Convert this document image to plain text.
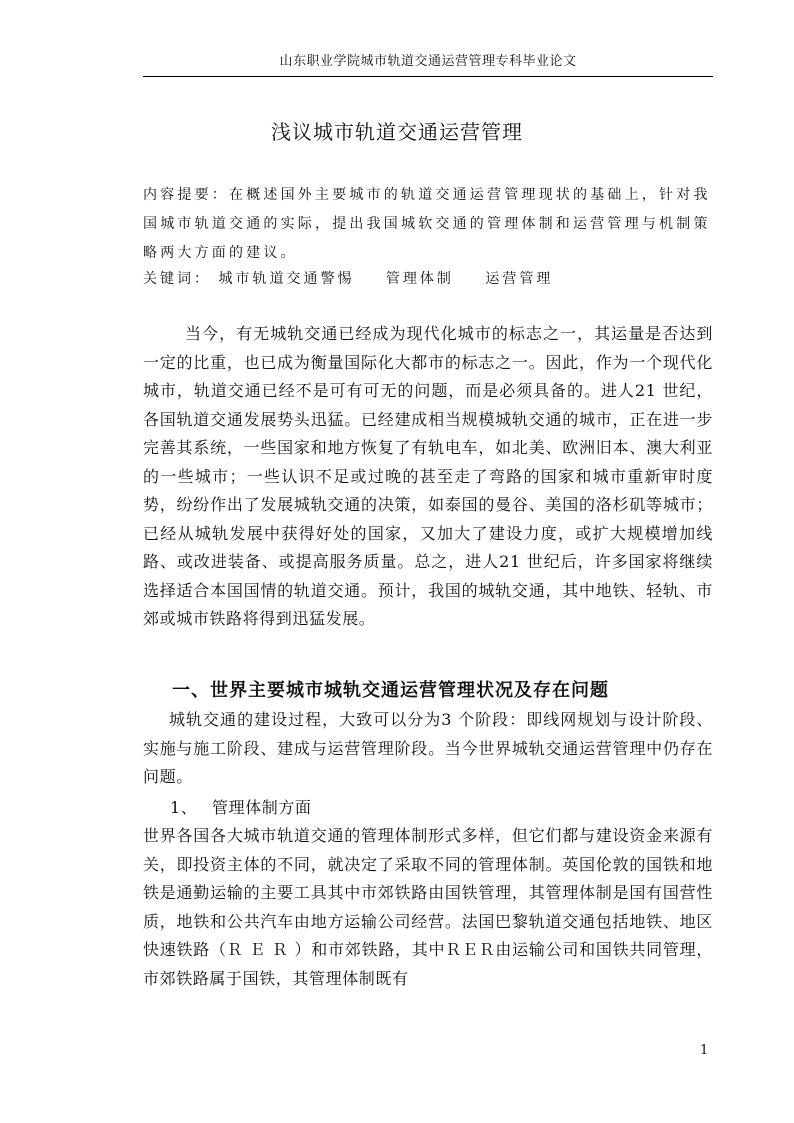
山东职业学院城市轨道交通运营管理专科毕业论文
浅议城市轨道交通运营管理
内容提要：在概述国外主要城市的轨道交通运营管理现状的基础上，针对我国城市轨道交通的实际，提出我国城软交通的管理体制和运营管理与机制策略两大方面的建议。
关键词： 城市轨道交通警惕 管理体制 运营管理

当今，有无城轨交通已经成为现代化城市的标志之一，其运量是否达到一定的比重，也已成为衡量国际化大都市的标志之一。因此，作为一个现代化城市，轨道交通已经不是可有可无的问题，而是必须具备的。进人21 世纪，各国轨道交通发展势头迅猛。已经建成相当规模城轨交通的城市，正在进一步完善其系统，一些国家和地方恢复了有轨电车，如北美、欧洲旧本、澳大利亚的一些城市；一些认识不足或过晚的甚至走了弯路的国家和城市重新审时度势，纷纷作出了发展城轨交通的决策，如泰国的曼谷、美国的洛杉矶等城市；已经从城轨发展中获得好处的国家，又加大了建设力度，或扩大规模增加线路、或改进装备、或提高服务质量。总之，进人21 世纪后，许多国家将继续选择适合本国国情的轨道交通。预计，我国的城轨交通，其中地铁、轻轨、市郊或城市铁路将得到迅猛发展。

一、世界主要城市城轨交通运营管理状况及存在问题

城轨交通的建设过程，大致可以分为3 个阶段：即线网规划与设计阶段、实施与施工阶段、建成与运营管理阶段。当今世界城轨交通运营管理中仍存在问题。

1、 管理体制方面

世界各国各大城市轨道交通的管理体制形式多样，但它们都与建设资金来源有关，即投资主体的不同，就决定了采取不同的管理体制。英国伦敦的国铁和地铁是通勤运输的主要工具其中市郊铁路由国铁管理，其管理体制是国有国营性质，地铁和公共汽车由地方运输公司经营。法国巴黎轨道交通包括地铁、地区快速铁路（Ｒ Ｅ Ｒ ）和市郊铁路，其中ＲＥＲ由运输公司和国铁共同管理，市郊铁路属于国铁，其管理体制既有

1
